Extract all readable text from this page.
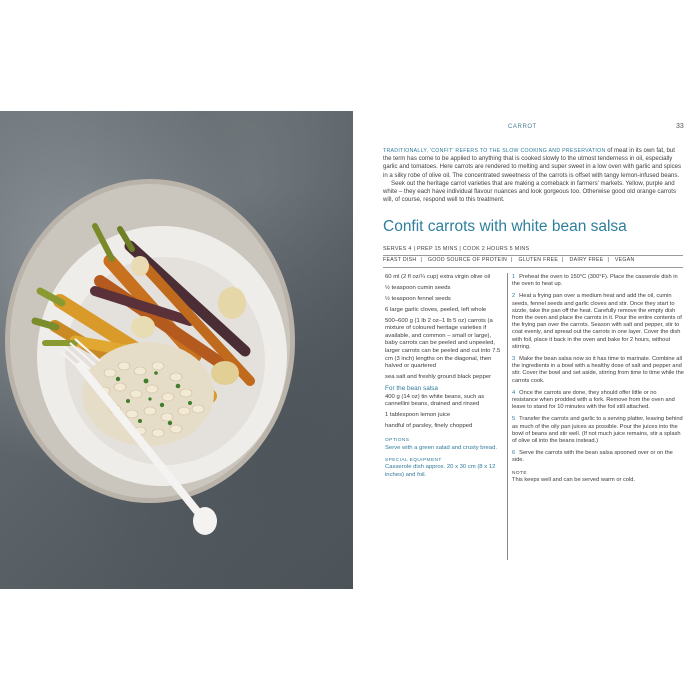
CARROT	33

TRADITIONALLY, 'CONFIT' REFERS TO THE SLOW COOKING AND PRESERVATION of meat in its own fat, but the term has come to be applied to anything that is cooked slowly to the utmost tenderness in oil, especially garlic and tomatoes. Here carrots are rendered to melting and super sweet in a low oven with garlic and spices in a silky robe of olive oil. The concentrated sweetness of the carrots is offset with tangy lemon-infused beans.

Seek out the heritage carrot varieties that are making a comeback in farmers' markets. Yellow, purple and white – they each have individual flavour nuances and look gorgeous too. Otherwise good old orange carrots will, of course, respond well to this treatment.

Confit carrots with white bean salsa
SERVES 4 | PREP 15 MINS | COOK 2 HOURS 5 MINS
FEAST DISH | GOOD SOURCE OF PROTEIN | GLUTEN FREE | DAIRY FREE | VEGAN
60 ml (2 fl oz/¼ cup) extra virgin olive oil
½ teaspoon cumin seeds
½ teaspoon fennel seeds
6 large garlic cloves, peeled, left whole
500–600 g (1 lb 2 oz–1 lb 5 oz) carrots (a mixture of coloured heritage varieties if available, and common – small or large), baby carrots can be peeled and unpeeled, larger carrots can be peeled and cut into 7.5 cm (3 inch) lengths on the diagonal, then halved or quartered
sea salt and freshly ground black pepper
For the bean salsa
400 g (14 oz) tin white beans, such as cannellini beans, drained and rinsed
1 tablespoon lemon juice
handful of parsley, finely chopped
OPTIONS
Serve with a green salad and crusty bread.
SPECIAL EQUIPMENT
Casserole dish approx. 20 x 30 cm (8 x 12 inches) and foil.
1 Preheat the oven to 150°C (300°F). Place the casserole dish in the oven to heat up.
2 Heat a frying pan over a medium heat and add the oil, cumin seeds, fennel seeds and garlic cloves and stir. Once they start to sizzle, take the pan off the heat. Carefully remove the empty dish from the oven and place the carrots in it. Pour the entire contents of the frying pan over the carrots. Season with salt and pepper, stir to coat evenly, and spread out the carrots in one layer. Cover the dish with foil, place it back in the oven and bake for 2 hours, without stirring.
3 Make the bean salsa now so it has time to marinate. Combine all the ingredients in a bowl with a healthy dose of salt and pepper and stir. Cover the bowl and set aside, stirring from time to time while the carrots cook.
4 Once the carrots are done, they should offer little or no resistance when prodded with a fork. Remove from the oven and leave to stand for 10 minutes with the foil still attached.
5 Transfer the carrots and garlic to a serving platter, leaving behind as much of the oily pan juices as possible. Pour the juices into the bowl of beans and stir well. (If not much juice remains, stir a splash of olive oil into the beans instead.)
6 Serve the carrots with the bean salsa spooned over or on the side.
NOTE
This keeps well and can be served warm or cold.
